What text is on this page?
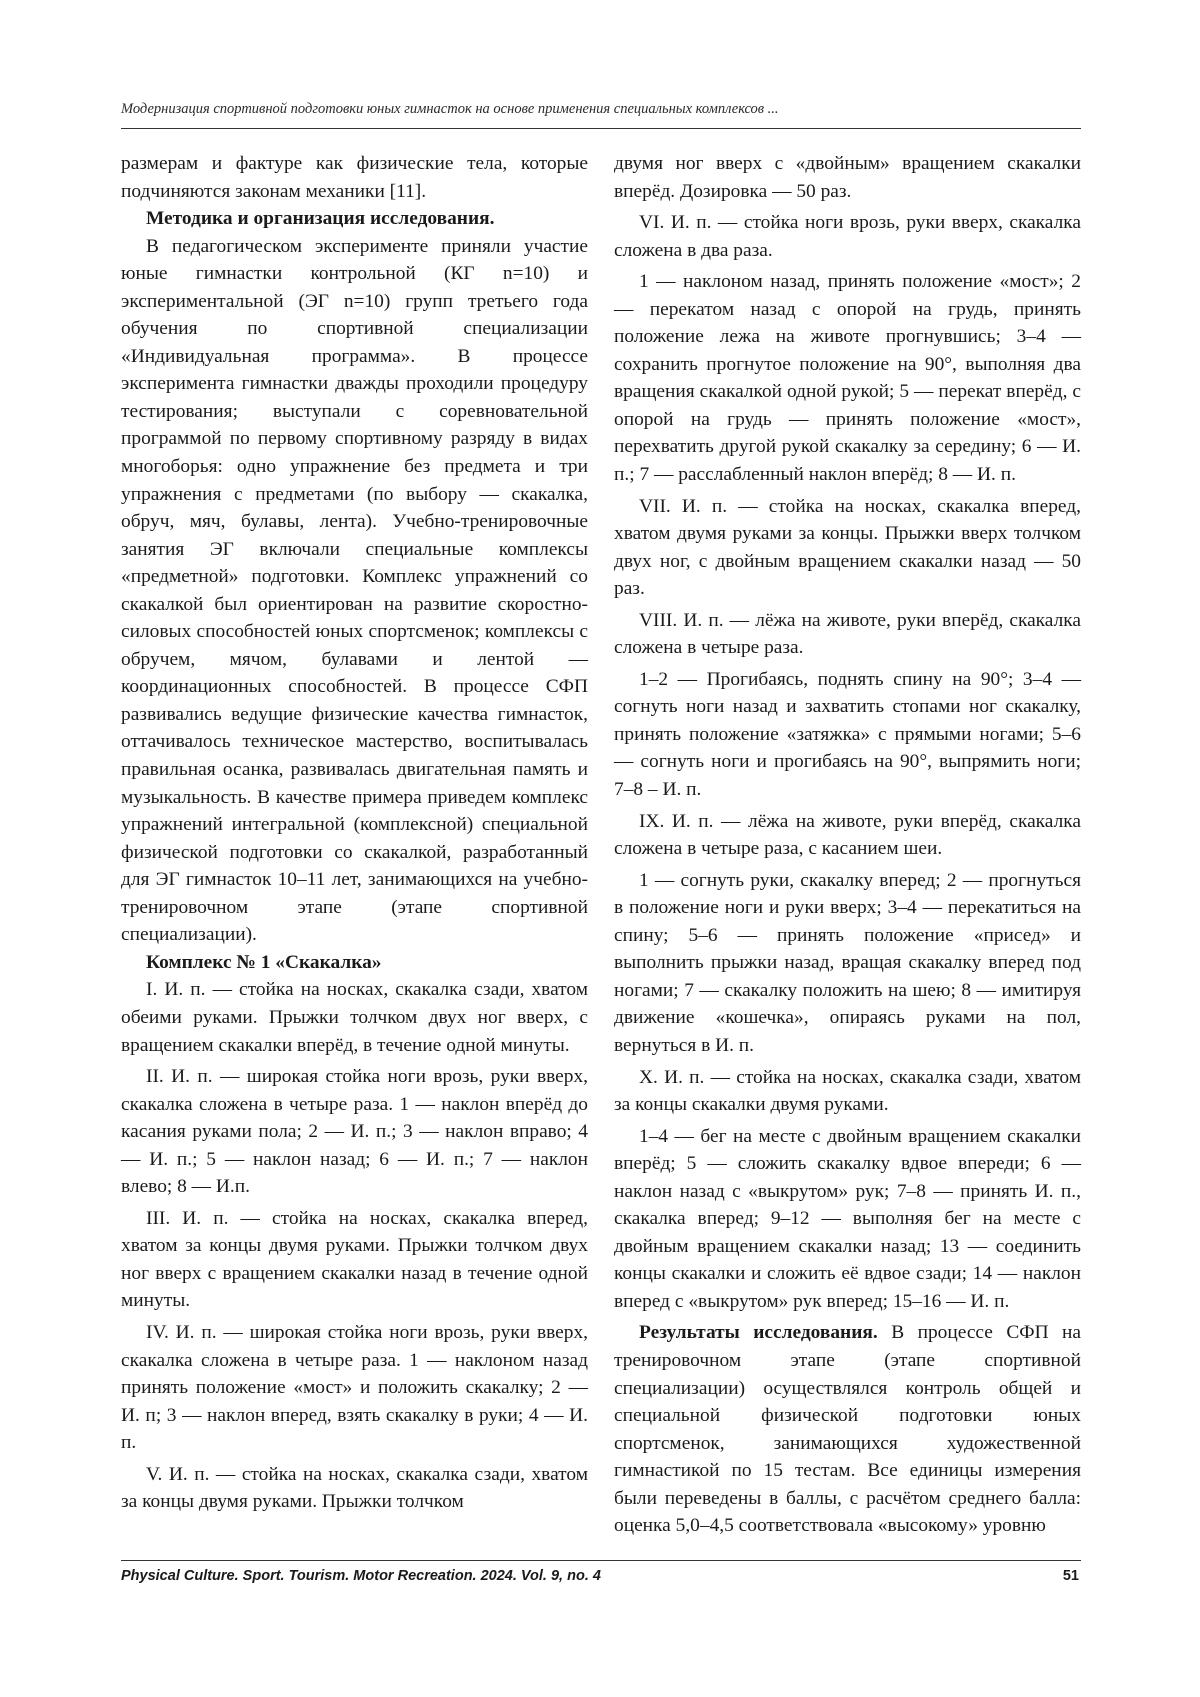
Модернизация спортивной подготовки юных гимнасток на основе применения специальных комплексов ...

размерам и фактуре как физические тела, которые подчиняются законам механики [11].

Методика и организация исследования.

В педагогическом эксперименте приняли участие юные гимнастки контрольной (КГ n=10) и экспериментальной (ЭГ n=10) групп третьего года обучения по спортивной специализации «Индивидуальная программа». В процессе эксперимента гимнастки дважды проходили процедуру тестирования; выступали с соревновательной программой по первому спортивному разряду в видах многоборья: одно упражнение без предмета и три упражнения с предметами (по выбору — скакалка, обруч, мяч, булавы, лента). Учебно-тренировочные занятия ЭГ включали специальные комплексы «предметной» подготовки. Комплекс упражнений со скакалкой был ориентирован на развитие скоростно-силовых способностей юных спортсменок; комплексы с обручем, мячом, булавами и лентой — координационных способностей. В процессе СФП развивались ведущие физические качества гимнасток, оттачивалось техническое мастерство, воспитывалась правильная осанка, развивалась двигательная память и музыкальность. В качестве примера приведем комплекс упражнений интегральной (комплексной) специальной физической подготовки со скакалкой, разработанный для ЭГ гимнасток 10–11 лет, занимающихся на учебно-тренировочном этапе (этапе спортивной специализации).

Комплекс № 1 «Скакалка»

I. И. п. — стойка на носках, скакалка сзади, хватом обеими руками. Прыжки толчком двух ног вверх, с вращением скакалки вперёд, в течение одной минуты.

II. И. п. — широкая стойка ноги врозь, руки вверх, скакалка сложена в четыре раза. 1 — наклон вперёд до касания руками пола; 2 — И. п.; 3 — наклон вправо; 4 — И. п.; 5 — наклон назад; 6 — И. п.; 7 — наклон влево; 8 — И.п.

III. И. п. — стойка на носках, скакалка вперед, хватом за концы двумя руками. Прыжки толчком двух ног вверх с вращением скакалки назад в течение одной минуты.

IV. И. п. — широкая стойка ноги врозь, руки вверх, скакалка сложена в четыре раза. 1 — наклоном назад принять положение «мост» и положить скакалку; 2 — И. п; 3 — наклон вперед, взять скакалку в руки; 4 — И. п.

V. И. п. — стойка на носках, скакалка сзади, хватом за концы двумя руками. Прыжки толчком

двумя ног вверх с «двойным» вращением скакалки вперёд. Дозировка — 50 раз.

VI. И. п. — стойка ноги врозь, руки вверх, скакалка сложена в два раза.

1 — наклоном назад, принять положение «мост»; 2 — перекатом назад с опорой на грудь, принять положение лежа на животе прогнувшись; 3–4 — сохранить прогнутое положение на 90°, выполняя два вращения скакалкой одной рукой; 5 — перекат вперёд, с опорой на грудь — принять положение «мост», перехватить другой рукой скакалку за середину; 6 — И. п.; 7 — расслабленный наклон вперёд; 8 — И. п.

VII. И. п. — стойка на носках, скакалка вперед, хватом двумя руками за концы. Прыжки вверх толчком двух ног, с двойным вращением скакалки назад — 50 раз.

VIII. И. п. — лёжа на животе, руки вперёд, скакалка сложена в четыре раза.

1–2 — Прогибаясь, поднять спину на 90°; 3–4 — согнуть ноги назад и захватить стопами ног скакалку, принять положение «затяжка» с прямыми ногами; 5–6 — согнуть ноги и прогибаясь на 90°, выпрямить ноги; 7–8 – И. п.

IX. И. п. — лёжа на животе, руки вперёд, скакалка сложена в четыре раза, с касанием шеи.

1 — согнуть руки, скакалку вперед; 2 — прогнуться в положение ноги и руки вверх; 3–4 — перекатиться на спину; 5–6 — принять положение «присед» и выполнить прыжки назад, вращая скакалку вперед под ногами; 7 — скакалку положить на шею; 8 — имитируя движение «кошечка», опираясь руками на пол, вернуться в И. п.

X. И. п. — стойка на носках, скакалка сзади, хватом за концы скакалки двумя руками.

1–4 — бег на месте с двойным вращением скакалки вперёд; 5 — сложить скакалку вдвое впереди; 6 — наклон назад с «выкрутом» рук; 7–8 — принять И. п., скакалка вперед; 9–12 — выполняя бег на месте с двойным вращением скакалки назад; 13 — соединить концы скакалки и сложить её вдвое сзади; 14 — наклон вперед с «выкрутом» рук вперед; 15–16 — И. п.

Результаты исследования. В процессе СФП на тренировочном этапе (этапе спортивной специализации) осуществлялся контроль общей и специальной физической подготовки юных спортсменок, занимающихся художественной гимнастикой по 15 тестам. Все единицы измерения были переведены в баллы, с расчётом среднего балла: оценка 5,0–4,5 соответствовала «высокому» уровню

Physical Culture. Sport. Tourism. Motor Recreation. 2024. Vol. 9, no. 4	51
